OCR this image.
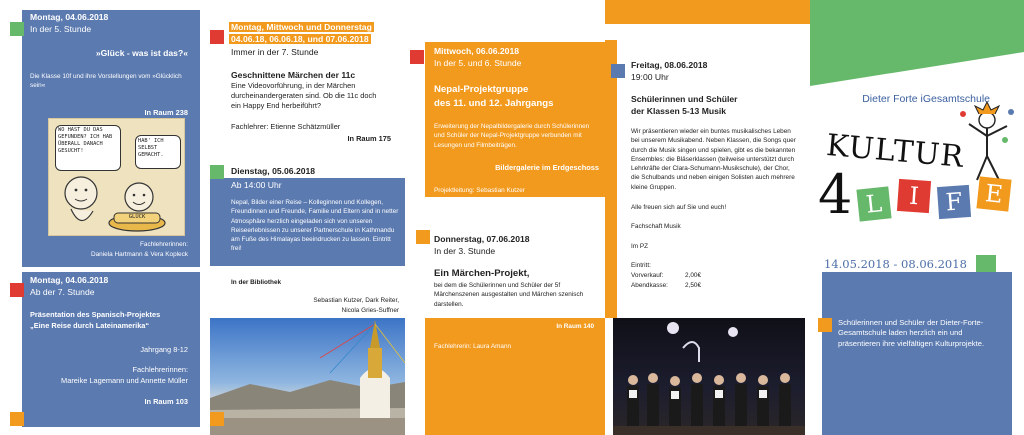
Montag, 04.06.2018
In der 5. Stunde
»Glück - was ist das?«
Die Klasse 10f und ihre Vorstellungen vom »Glücklich sein«
In Raum 238
WO HAST DU DAS GEFUNDEN? ICH HAB ÜBERALL DANACH GESUCHT!
HAB' ICH SELBST GEMACHT.
GLÜCK
Fachlehrerinnen:
Daniela Hartmann & Vera Kopleck
Montag, 04.06.2018
Ab der 7. Stunde
Präsentation des Spanisch-Projektes
„Eine Reise durch Lateinamerika“
Jahrgang 8-12
Fachlehrerinnen:
Mareike Lagemann und Annette Müller
In Raum 103
Montag, Mittwoch und Donnerstag
04.06.18, 06.06.18, und 07.06.2018
Immer in der 7. Stunde
Geschnittene Märchen der 11c
Eine Videovorführung, in der Märchen durcheinandergeraten sind. Ob die 11c doch ein Happy End herbeiführt?
Fachlehrer: Etienne Schätzmüller
In Raum 175
Dienstag, 05.06.2018
Ab 14:00 Uhr
Nepal, Bilder einer Reise – Kolleginnen und Kollegen, Freundinnen und Freunde, Familie und Eltern sind in netter Atmosphäre herzlich eingeladen sich von unseren Reiseerlebnissen zu unserer Partnerschule in Kathmandu am Fuße des Himalayas beeindrucken zu lassen. Eintritt frei!
In der Bibliothek
Sebastian Kutzer, Dark Reiter,
Nicola Gries-Suffner
Mittwoch, 06.06.2018
In der 5. und 6. Stunde
Nepal-Projektgruppe
des 11. und 12. Jahrgangs
Erweiterung der Nepalbildergalerie durch Schülerinnen und Schüler der Nepal-Projektgruppe verbunden mit Lesungen und Filmbeiträgen.
Bildergalerie im Erdgeschoss
Projektleitung: Sebastian Kutzer
Donnerstag, 07.06.2018
In der 3. Stunde
Ein Märchen-Projekt,
bei dem die Schülerinnen und Schüler der 5f Märchenszenen ausgestalten und Märchen szenisch darstellen.
In Raum 140
Fachlehrerin: Laura Amann
Freitag, 08.06.2018
19:00 Uhr
Schülerinnen und Schüler
der Klassen 5-13 Musik
Wir präsentieren wieder ein buntes musikalisches Leben bei unserem Musikabend. Neben Klassen, die Songs quer durch die Musik singen und spielen, gibt es die bekannten Ensembles: die Bläserklassen (teilweise unterstützt durch Lehrkräfte der Clara-Schumann-Musikschule), der Chor, die Schulbands und neben einigen Solisten auch mehrere kleine Gruppen.
Alle freuen sich auf Sie und euch!
Fachschaft Musik
Im PZ
Eintritt:
Vorverkauf:	2,00€
Abendkasse:	2,50€
Dieter Forte iGesamtschule
KULTUR
4 L	I	F E
14.05.2018 - 08.06.2018
Schülerinnen und Schüler der Dieter-Forte-Gesamtschule laden herzlich ein und präsentieren ihre vielfältigen Kulturprojekte.
